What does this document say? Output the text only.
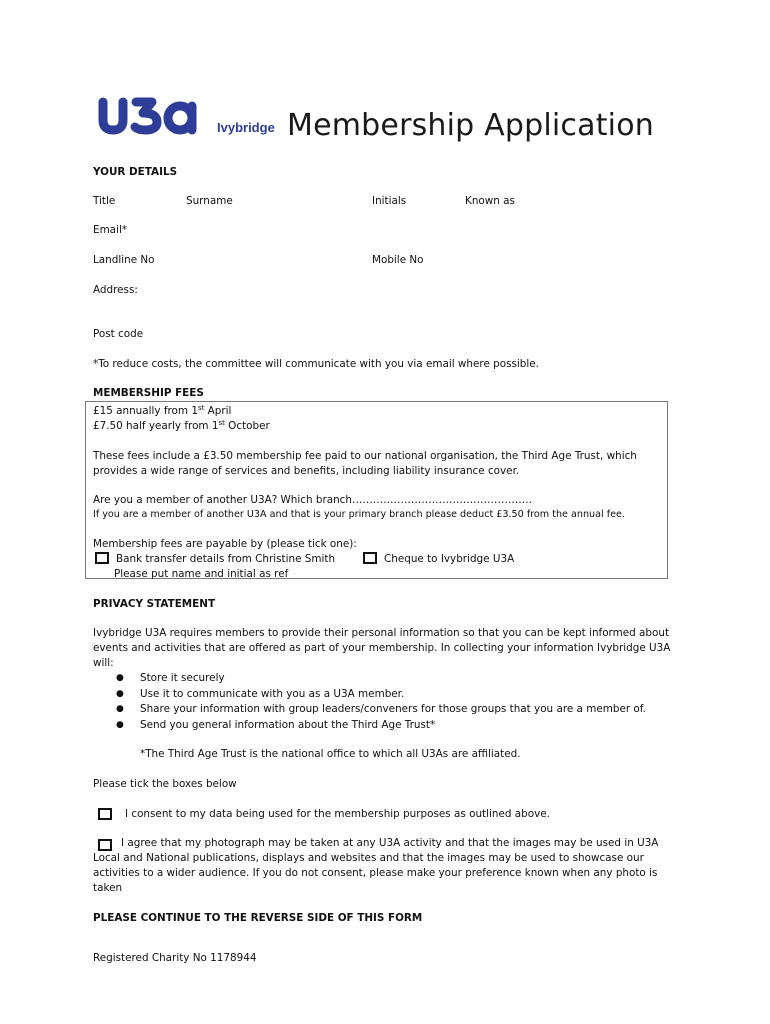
Ivybridge Membership Application
YOUR DETAILS
Title	Surname	Initials	Known as
Email*
Landline No	Mobile No
Address:
Post code
*To reduce costs, the committee will communicate with you via email where possible.
MEMBERSHIP FEES
£15 annually from 1st April
£7.50 half yearly from 1st October
These fees include a £3.50 membership fee paid to our national organisation, the Third Age Trust, which
provides a wide range of services and benefits, including liability insurance cover.
Are you a member of another U3A? Which branch…………………………………………….
If you are a member of another U3A and that is your primary branch please deduct £3.50 from the annual fee.
Membership fees are payable by (please tick one):
Bank transfer details from Christine Smith	Cheque to Ivybridge U3A
Please put name and initial as ref
PRIVACY STATEMENT
Ivybridge U3A requires members to provide their personal information so that you can be kept informed about
events and activities that are offered as part of your membership. In collecting your information Ivybridge U3A
will:
● Store it securely
● Use it to communicate with you as a U3A member.
● Share your information with group leaders/conveners for those groups that you are a member of.
● Send you general information about the Third Age Trust*
*The Third Age Trust is the national office to which all U3As are affiliated.
Please tick the boxes below
I consent to my data being used for the membership purposes as outlined above.
I agree that my photograph may be taken at any U3A activity and that the images may be used in U3A
Local and National publications, displays and websites and that the images may be used to showcase our
activities to a wider audience. If you do not consent, please make your preference known when any photo is
taken
PLEASE CONTINUE TO THE REVERSE SIDE OF THIS FORM
Registered Charity No 1178944
